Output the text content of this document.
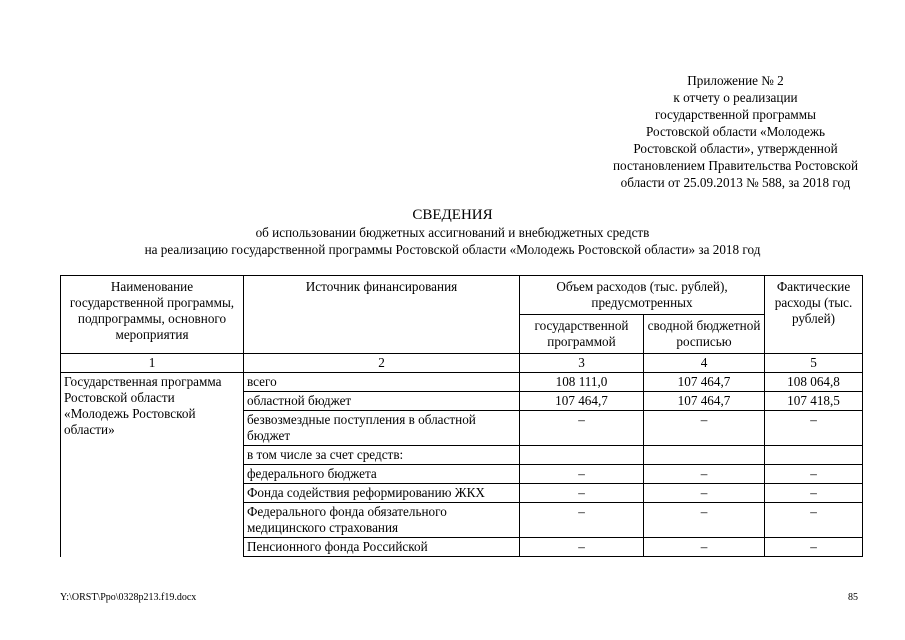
Приложение № 2
к отчету о реализации
государственной программы
Ростовской области «Молодежь
Ростовской области», утвержденной
постановлением Правительства Ростовской
области от 25.09.2013 № 588, за 2018 год
СВЕДЕНИЯ
об использовании бюджетных ассигнований и внебюджетных средств
на реализацию государственной программы Ростовской области «Молодежь Ростовской области» за 2018 год
Наименование государственной программы, подпрограммы, основного мероприятия	Источник финансирования	Объем расходов (тыс. рублей), предусмотренных		Фактические расходы (тыс. рублей)
		государственной программой	сводной бюджетной росписью	
1	2	3	4	5
Государственная программа Ростовской области «Молодежь Ростовской области»	всего	108 111,0	107 464,7	108 064,8
	областной бюджет	107 464,7	107 464,7	107 418,5
	безвозмездные поступления в областной бюджет	–	–	–
	в том числе за счет средств:			
	федерального бюджета	–	–	–
	Фонда содействия реформированию ЖКХ	–	–	–
	Федерального фонда обязательного медицинского страхования	–	–	–
	Пенсионного фонда Российской	–	–	–
Y:\ORST\Ppo\0328p213.f19.docx	85
